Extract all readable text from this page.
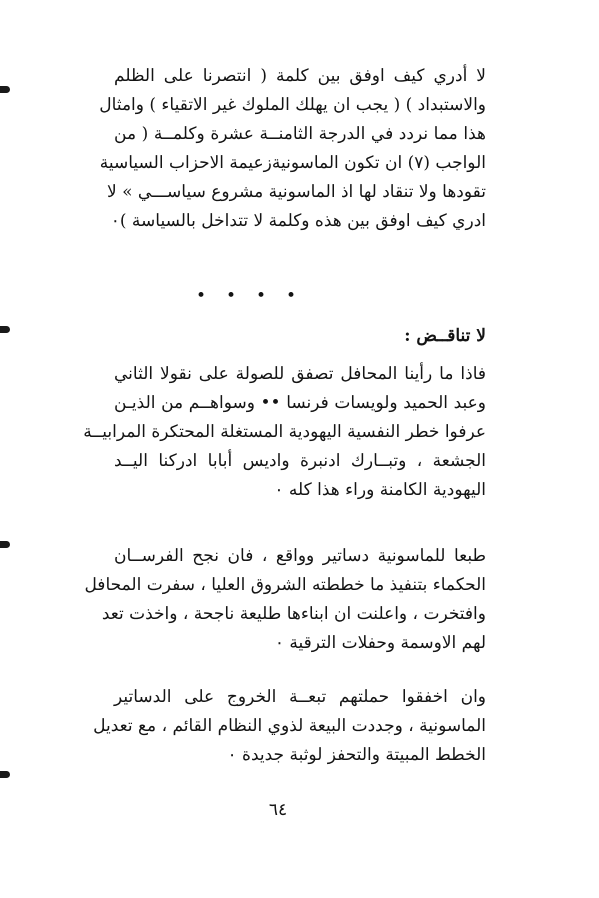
لا أدري كيف اوفق بين كلمة ( انتصرنا على الظلم
والاستبداد ) ( يجب ان يهلك الملوك غير الاتقياء ) وامثال
هذا مما نردد في الدرجة الثامنــة عشرة وكلمــة ( من
الواجب (٧) ان تكون الماسونيةزعيمة الاحزاب السياسية
تقودها ولا تنقاد لها اذ الماسونية مشروع سياســـي » لا
ادري كيف اوفق بين هذه وكلمة لا تتداخل بالسياسة )٠
• • • •
لا تناقــض :
فاذا ما رأينا المحافل تصفق للصولة على نقولا الثاني
وعبد الحميد ولويسات فرنسا •• وسواهــم من الذيـن
عرفوا خطر النفسية اليهودية المستغلة المحتكرة المرابيــة
الجشعة ، وتبــارك ادنبرة واديس أبابا ادركنا اليــد
اليهودية الكامنة وراء هذا كله ٠
طبعا للماسونية دساتير وواقع ، فان نجح الفرســان
الحكماء بتنفيذ ما خططته الشروق العليا ، سفرت المحافل
وافتخرت ، واعلنت ان ابناءها طليعة ناجحة ، واخذت تعد
لهم الاوسمة وحفلات الترقية ٠
وان اخفقوا حملتهم تبعــة الخروج على الدساتير
الماسونية ، وجددت البيعة لذوي النظام القائم ، مع تعديل
الخطط المبيتة والتحفز لوثبة جديدة ٠
٦٤
